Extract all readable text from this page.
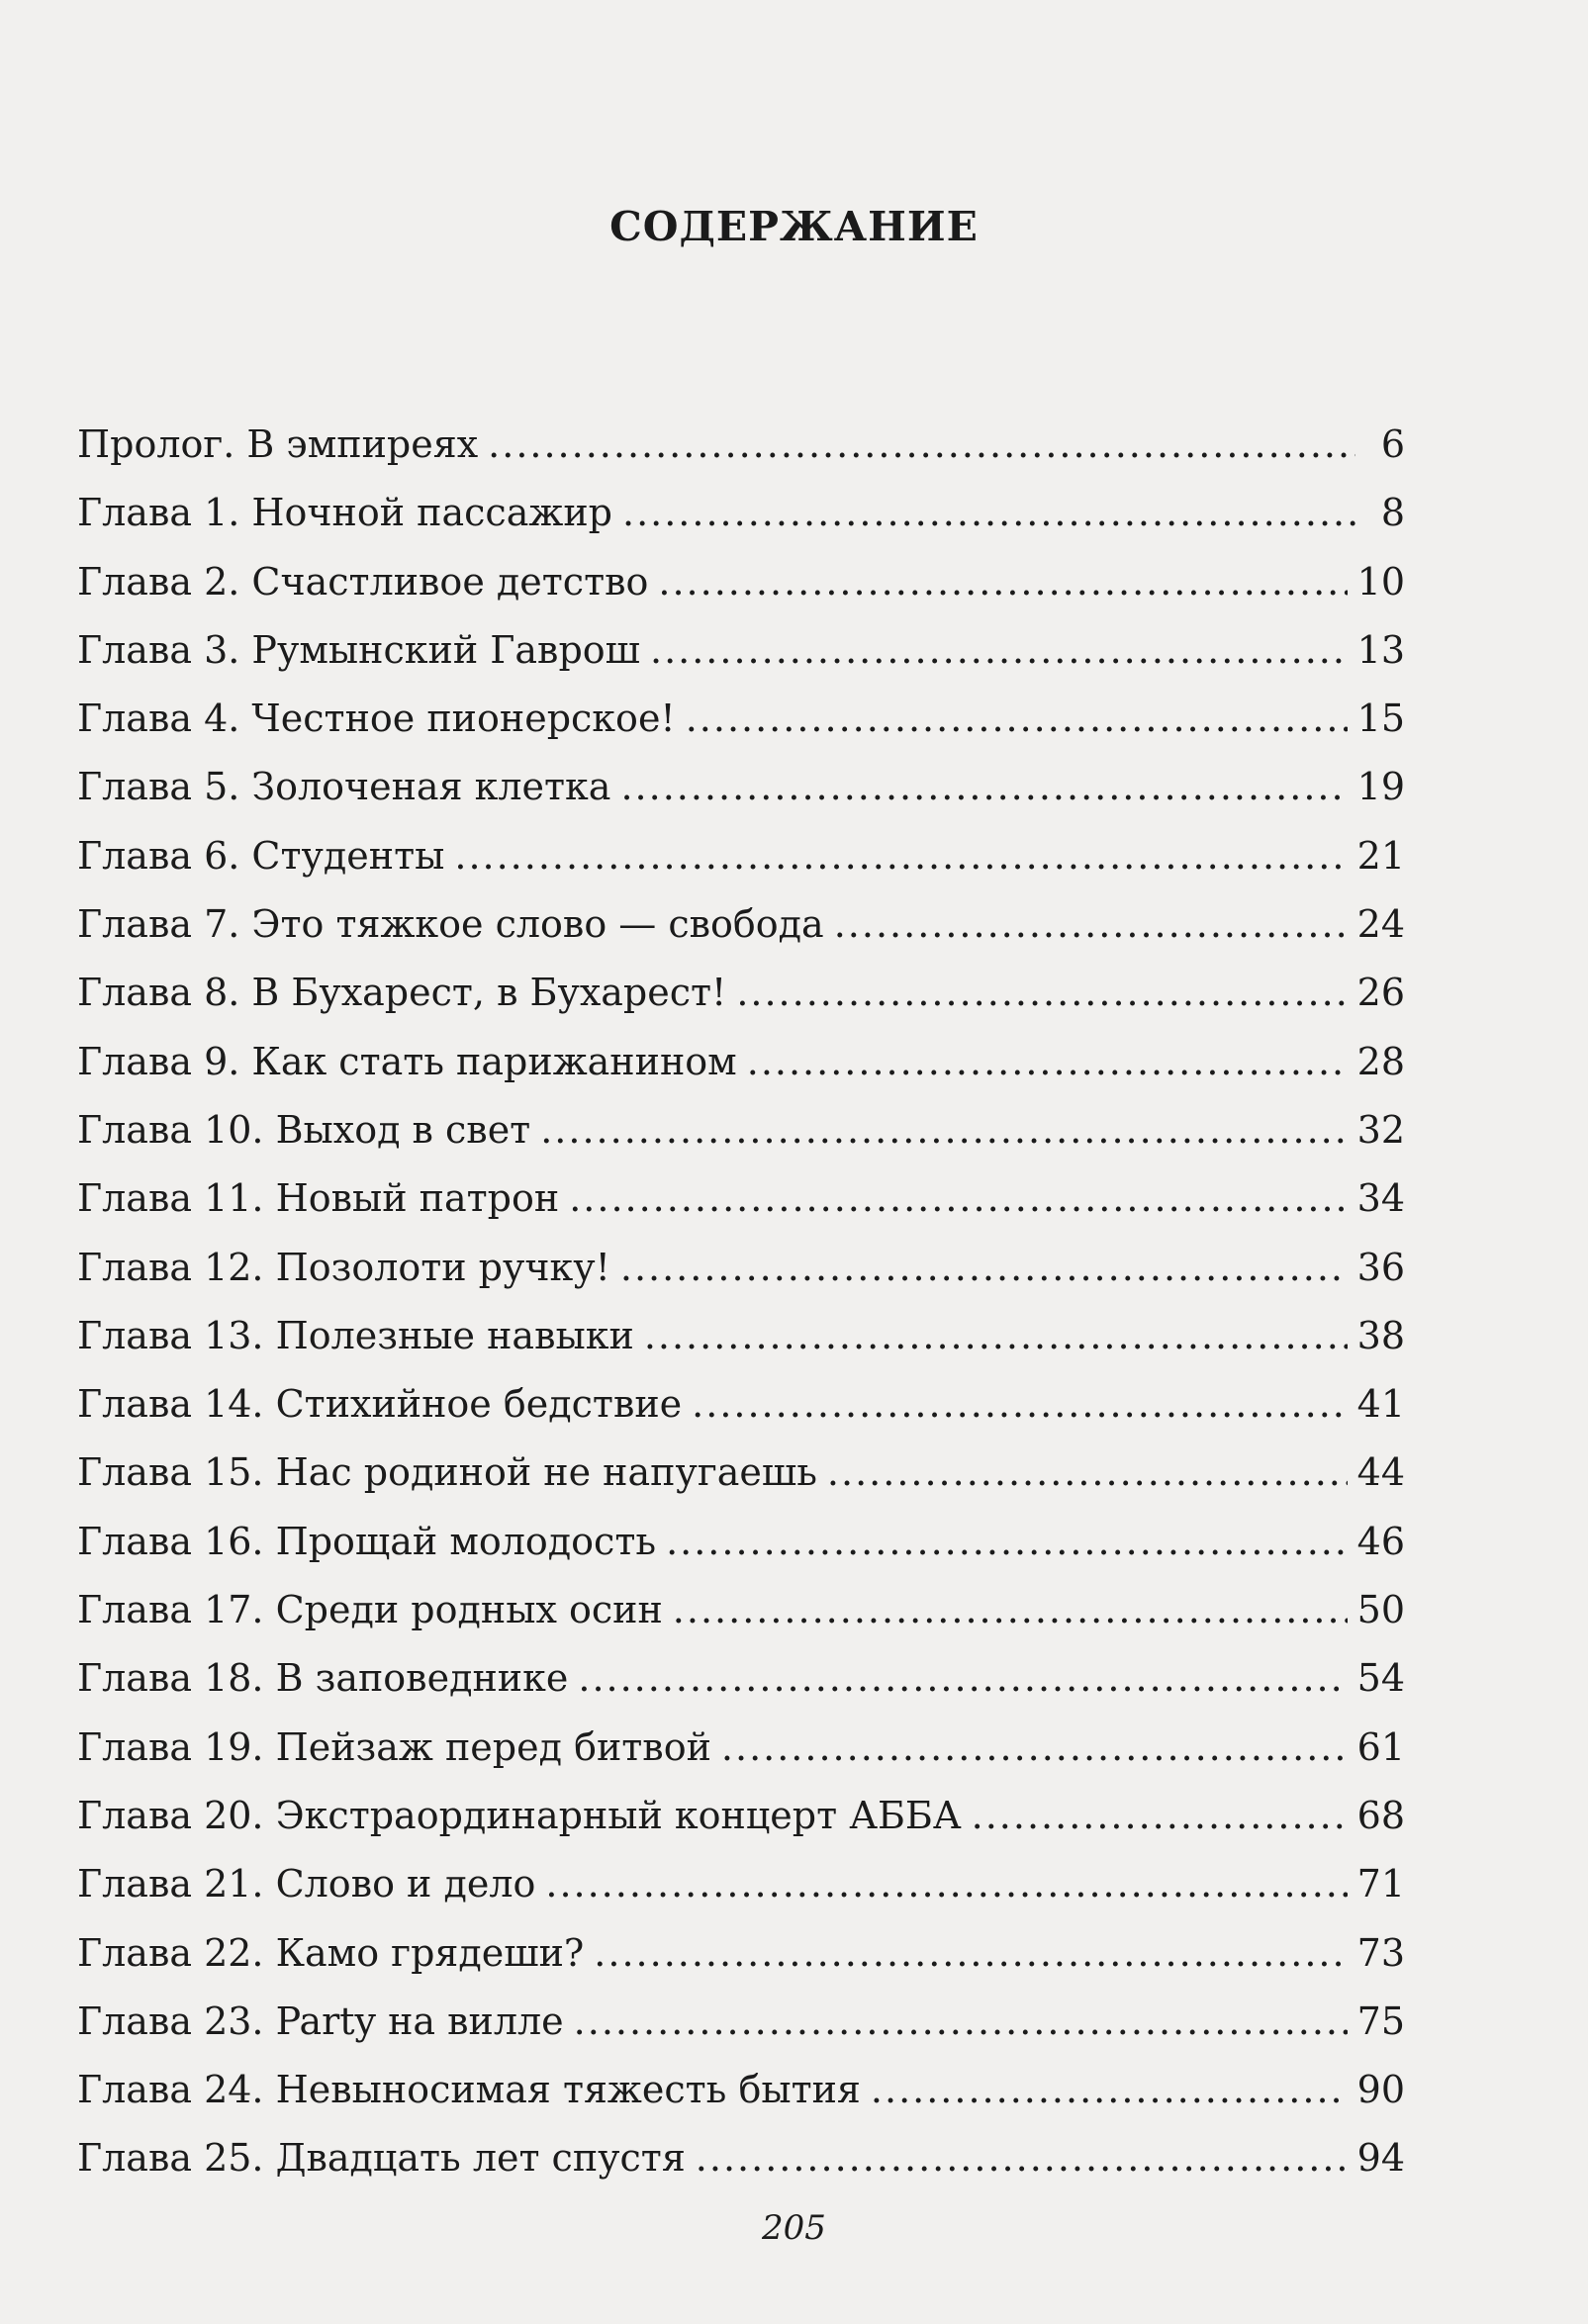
СОДЕРЖАНИЕ
Пролог. В эмпиреях .....	6
Глава 1. Ночной пассажир .....	8
Глава 2. Счастливое детство .....	10
Глава 3. Румынский Гаврош .....	13
Глава 4. Честное пионерское! .....	15
Глава 5. Золоченая клетка .....	19
Глава 6. Студенты .....	21
Глава 7. Это тяжкое слово — свобода .....	24
Глава 8. В Бухарест, в Бухарест! .....	26
Глава 9. Как стать парижанином .....	28
Глава 10. Выход в свет .....	32
Глава 11. Новый патрон .....	34
Глава 12. Позолоти ручку! .....	36
Глава 13. Полезные навыки .....	38
Глава 14. Стихийное бедствие .....	41
Глава 15. Нас родиной не напугаешь .....	44
Глава 16. Прощай молодость .....	46
Глава 17. Среди родных осин .....	50
Глава 18. В заповеднике .....	54
Глава 19. Пейзаж перед битвой .....	61
Глава 20. Экстраординарный концерт АББА .....	68
Глава 21. Слово и дело .....	71
Глава 22. Камо грядеши? .....	73
Глава 23. Party на вилле .....	75
Глава 24. Невыносимая тяжесть бытия .....	90
Глава 25. Двадцать лет спустя .....	94
205
